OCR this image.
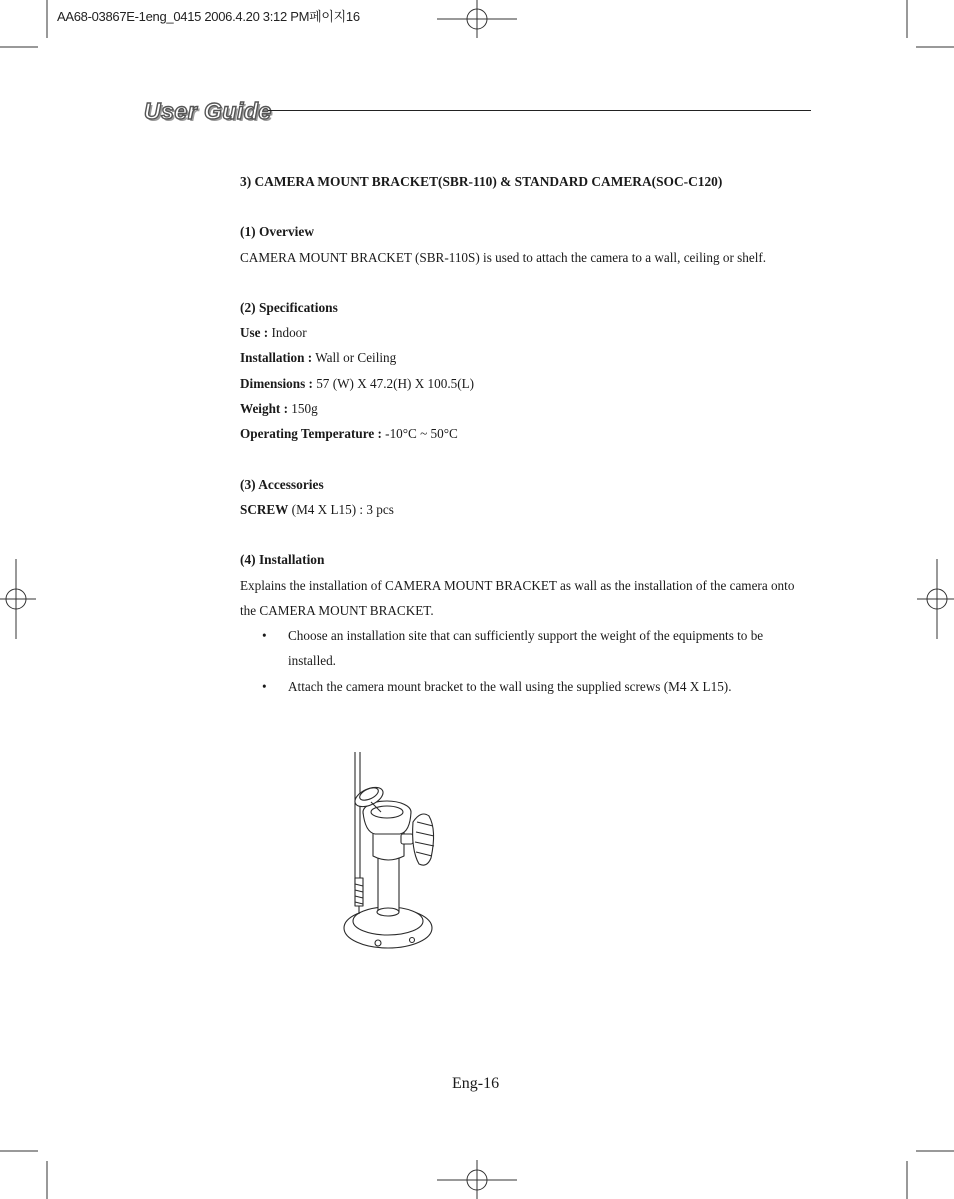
AA68-03867E-1eng_0415 2006.4.20 3:12 PM페이지16
User Guide

3) CAMERA MOUNT BRACKET(SBR-110) & STANDARD CAMERA(SOC-C120)

(1) Overview

CAMERA MOUNT BRACKET (SBR-110S) is used to attach the camera to a wall, ceiling or shelf.

(2) Specifications

Use : Indoor

Installation : Wall or Ceiling

Dimensions : 57 (W) X 47.2(H) X 100.5(L)

Weight : 150g

Operating Temperature : -10°C ~ 50°C

(3) Accessories

SCREW (M4 X L15) : 3 pcs

(4) Installation

Explains the installation of CAMERA MOUNT BRACKET as wall as the installation of the camera onto the CAMERA MOUNT BRACKET.

• Choose an installation site that can sufficiently support the weight of the equipments to be installed.
• Attach the camera mount bracket to the wall using the supplied screws (M4 X L15).
Eng-16
